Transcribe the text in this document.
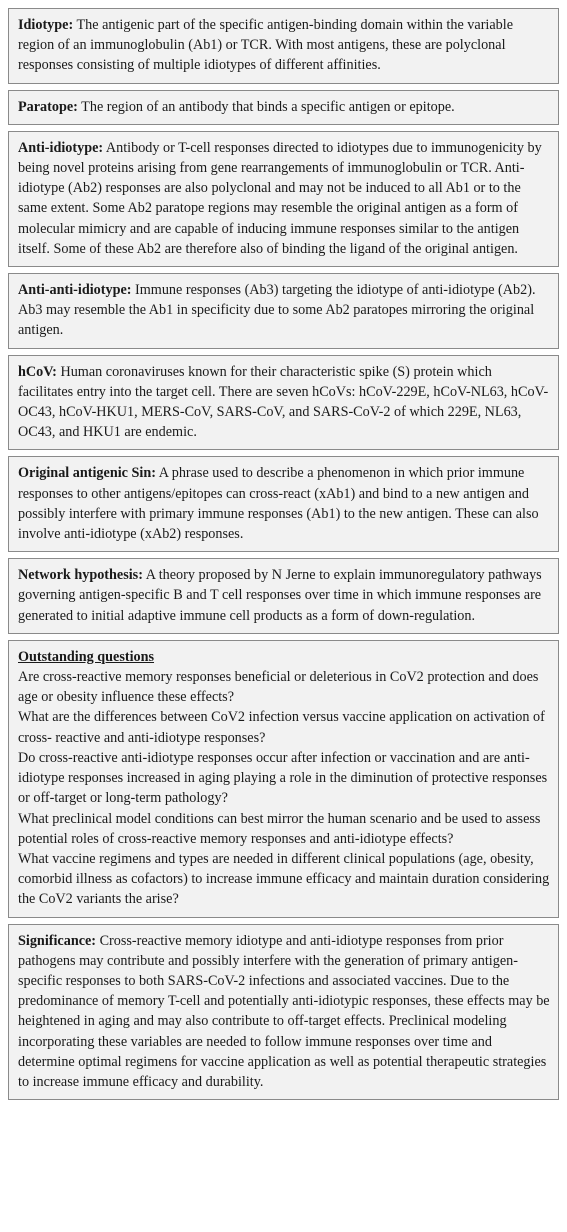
Idiotype: The antigenic part of the specific antigen-binding domain within the variable region of an immunoglobulin (Ab1) or TCR. With most antigens, these are polyclonal responses consisting of multiple idiotypes of different affinities.
Paratope: The region of an antibody that binds a specific antigen or epitope.
Anti-idiotype: Antibody or T-cell responses directed to idiotypes due to immunogenicity by being novel proteins arising from gene rearrangements of immunoglobulin or TCR. Anti-idiotype (Ab2) responses are also polyclonal and may not be induced to all Ab1 or to the same extent. Some Ab2 paratope regions may resemble the original antigen as a form of molecular mimicry and are capable of inducing immune responses similar to the antigen itself. Some of these Ab2 are therefore also of binding the ligand of the original antigen.
Anti-anti-idiotype: Immune responses (Ab3) targeting the idiotype of anti-idiotype (Ab2). Ab3 may resemble the Ab1 in specificity due to some Ab2 paratopes mirroring the original antigen.
hCoV: Human coronaviruses known for their characteristic spike (S) protein which facilitates entry into the target cell. There are seven hCoVs: hCoV-229E, hCoV-NL63, hCoV-OC43, hCoV-HKU1, MERS-CoV, SARS-CoV, and SARS-CoV-2 of which 229E, NL63, OC43, and HKU1 are endemic.
Original antigenic Sin: A phrase used to describe a phenomenon in which prior immune responses to other antigens/epitopes can cross-react (xAb1) and bind to a new antigen and possibly interfere with primary immune responses (Ab1) to the new antigen. These can also involve anti-idiotype (xAb2) responses.
Network hypothesis: A theory proposed by N Jerne to explain immunoregulatory pathways governing antigen-specific B and T cell responses over time in which immune responses are generated to initial adaptive immune cell products as a form of down-regulation.
Outstanding questions
Are cross-reactive memory responses beneficial or deleterious in CoV2 protection and does age or obesity influence these effects?
What are the differences between CoV2 infection versus vaccine application on activation of cross- reactive and anti-idiotype responses?
Do cross-reactive anti-idiotype responses occur after infection or vaccination and are anti-idiotype responses increased in aging playing a role in the diminution of protective responses or off-target or long-term pathology?
What preclinical model conditions can best mirror the human scenario and be used to assess potential roles of cross-reactive memory responses and anti-idiotype effects?
What vaccine regimens and types are needed in different clinical populations (age, obesity, comorbid illness as cofactors) to increase immune efficacy and maintain duration considering the CoV2 variants the arise?
Significance: Cross-reactive memory idiotype and anti-idiotype responses from prior pathogens may contribute and possibly interfere with the generation of primary antigen-specific responses to both SARS-CoV-2 infections and associated vaccines. Due to the predominance of memory T-cell and potentially anti-idiotypic responses, these effects may be heightened in aging and may also contribute to off-target effects. Preclinical modeling incorporating these variables are needed to follow immune responses over time and determine optimal regimens for vaccine application as well as potential therapeutic strategies to increase immune efficacy and durability.
